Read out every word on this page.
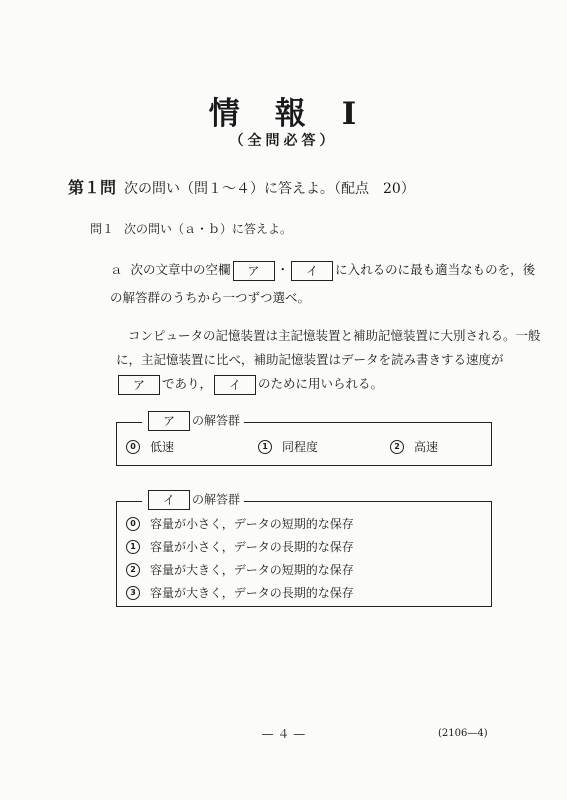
情　報 Ⅰ
（全問必答）
第１問 次の問い（問１～４）に答えよ。（配点　20）
問１ 次の問い（ａ・ｂ）に答えよ。
ａ 次の文章中の空欄 ア ・ イ に入れるのに最も適当なものを，後
の解答群のうちから一つずつ選べ。
コンピュータの記憶装置は主記憶装置と補助記憶装置に大別される。一般
に，主記憶装置に比べ，補助記憶装置はデータを読み書きする速度が
ア であり， イ のために用いられる。
ア の解答群
0	低速	1	同程度	2	高速
イ の解答群
0	容量が小さく，データの短期的な保存
1	容量が小さく，データの長期的な保存
2	容量が大きく，データの短期的な保存
3	容量が大きく，データの長期的な保存
— ４ —	(2106—4)
